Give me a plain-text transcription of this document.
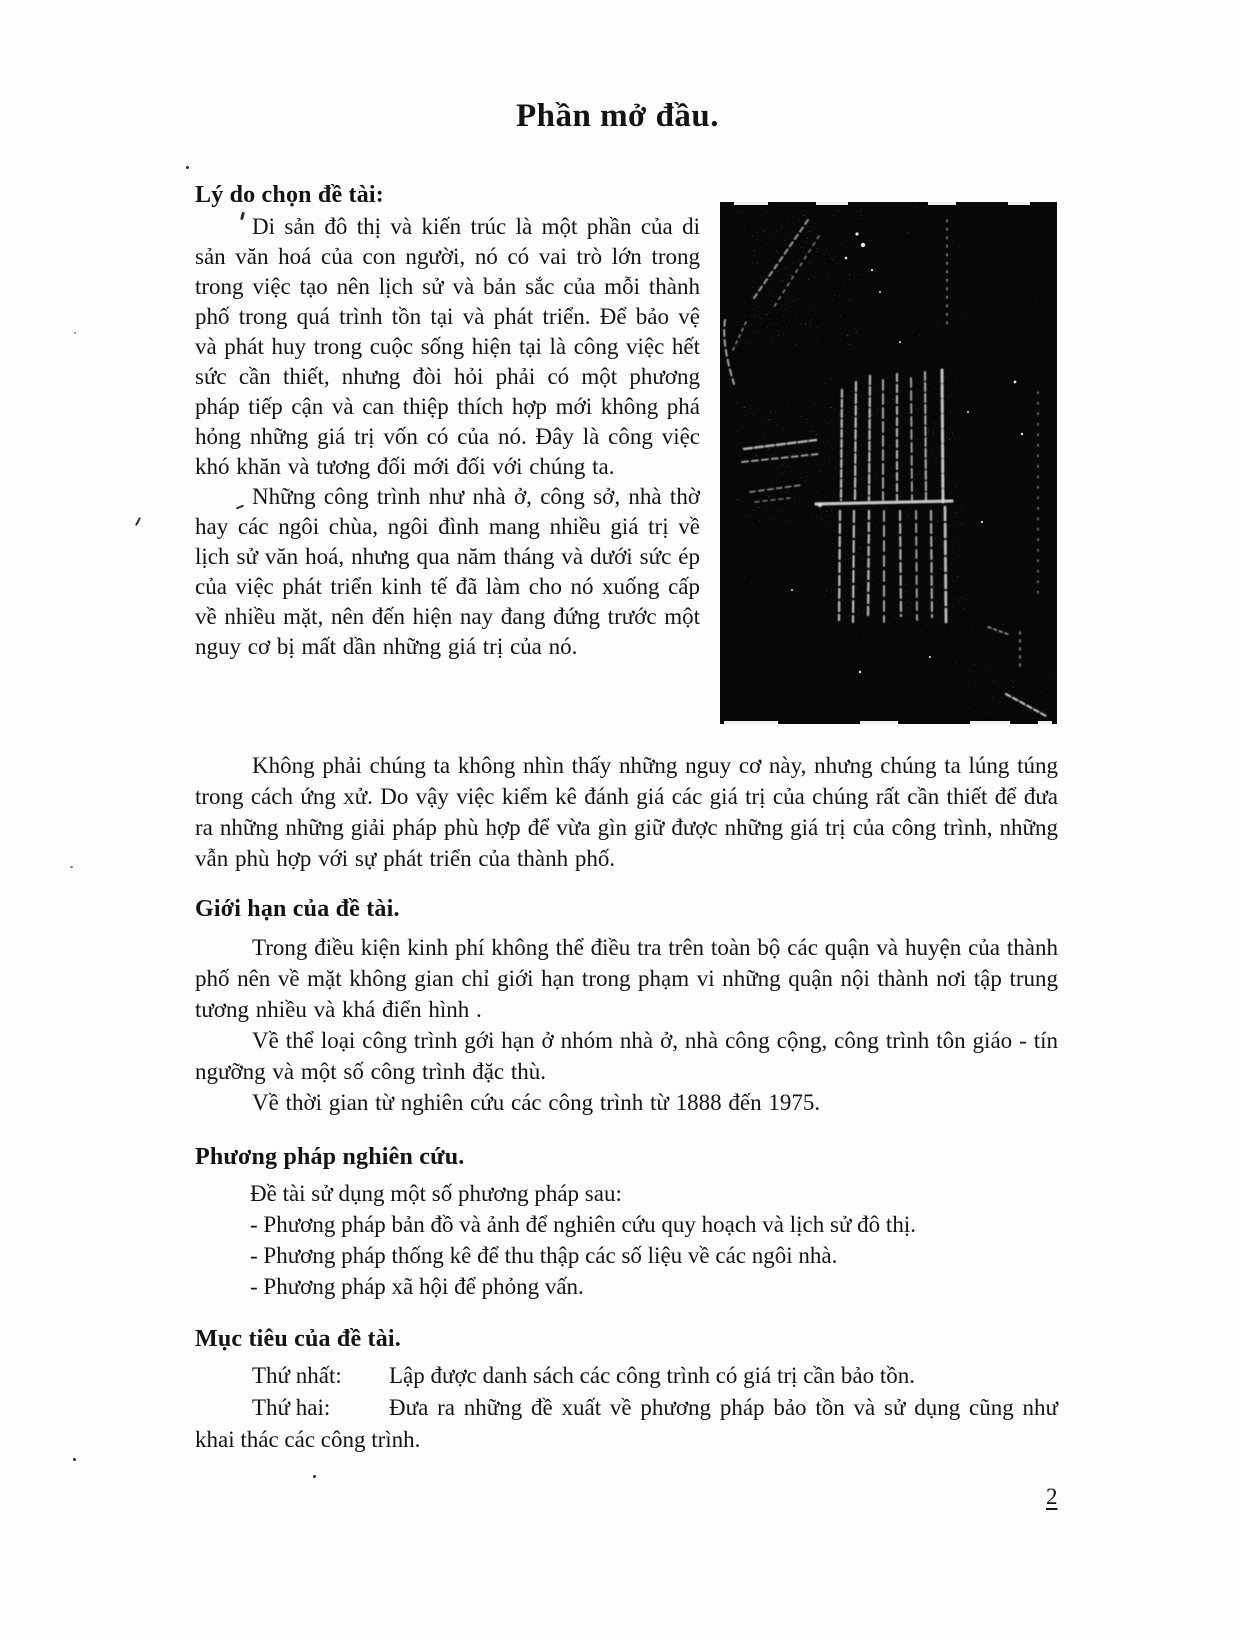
Phần mở đầu.
Lý do chọn đề tài:

Di sản đô thị và kiến trúc là một phần của di sản văn hoá của con người, nó có vai trò lớn trong trong việc tạo nên lịch sử và bản sắc của mỗi thành phố trong quá trình tồn tại và phát triển. Để bảo vệ và phát huy trong cuộc sống hiện tại là công việc hết sức cần thiết, nhưng đòi hỏi phải có một phương pháp tiếp cận và can thiệp thích hợp mới không phá hỏng những giá trị vốn có của nó. Đây là công việc khó khăn và tương đối mới đối với chúng ta.

Những công trình như nhà ở, công sở, nhà thờ hay các ngôi chùa, ngôi đình mang nhiều giá trị về lịch sử văn hoá, nhưng qua năm tháng và dưới sức ép của việc phát triển kinh tế đã làm cho nó xuống cấp về nhiều mặt, nên đến hiện nay đang đứng trước một nguy cơ bị mất dần những giá trị của nó.

Không phải chúng ta không nhìn thấy những nguy cơ này, nhưng chúng ta lúng túng trong cách ứng xử. Do vậy việc kiểm kê đánh giá các giá trị của chúng rất cần thiết để đưa ra những những giải pháp phù hợp để vừa gìn giữ được những giá trị của công trình, những vẫn phù hợp với sự phát triển của thành phố.

Giới hạn của đề tài.

Trong điều kiện kinh phí không thể điều tra trên toàn bộ các quận và huyện của thành phố nên về mặt không gian chỉ giới hạn trong phạm vi những quận nội thành nơi tập trung tương nhiều và khá điển hình .

Về thể loại công trình gới hạn ở nhóm nhà ở, nhà công cộng, công trình tôn giáo - tín ngưỡng và một số công trình đặc thù.

Về thời gian từ nghiên cứu các công trình từ 1888 đến 1975.

Phương pháp nghiên cứu.

Đề tài sử dụng một số phương pháp sau:

- Phương pháp bản đồ và ảnh để nghiên cứu quy hoạch và lịch sử đô thị.

- Phương pháp thống kê để thu thập các số liệu về các ngôi nhà.

- Phương pháp xã hội để phỏng vấn.

Mục tiêu của đề tài.

Thứ nhất: Lập được danh sách các công trình có giá trị cần bảo tồn.

Thứ hai:	Đưa ra những đề xuất về phương pháp bảo tồn và sử dụng cũng như khai thác các công trình.

2
